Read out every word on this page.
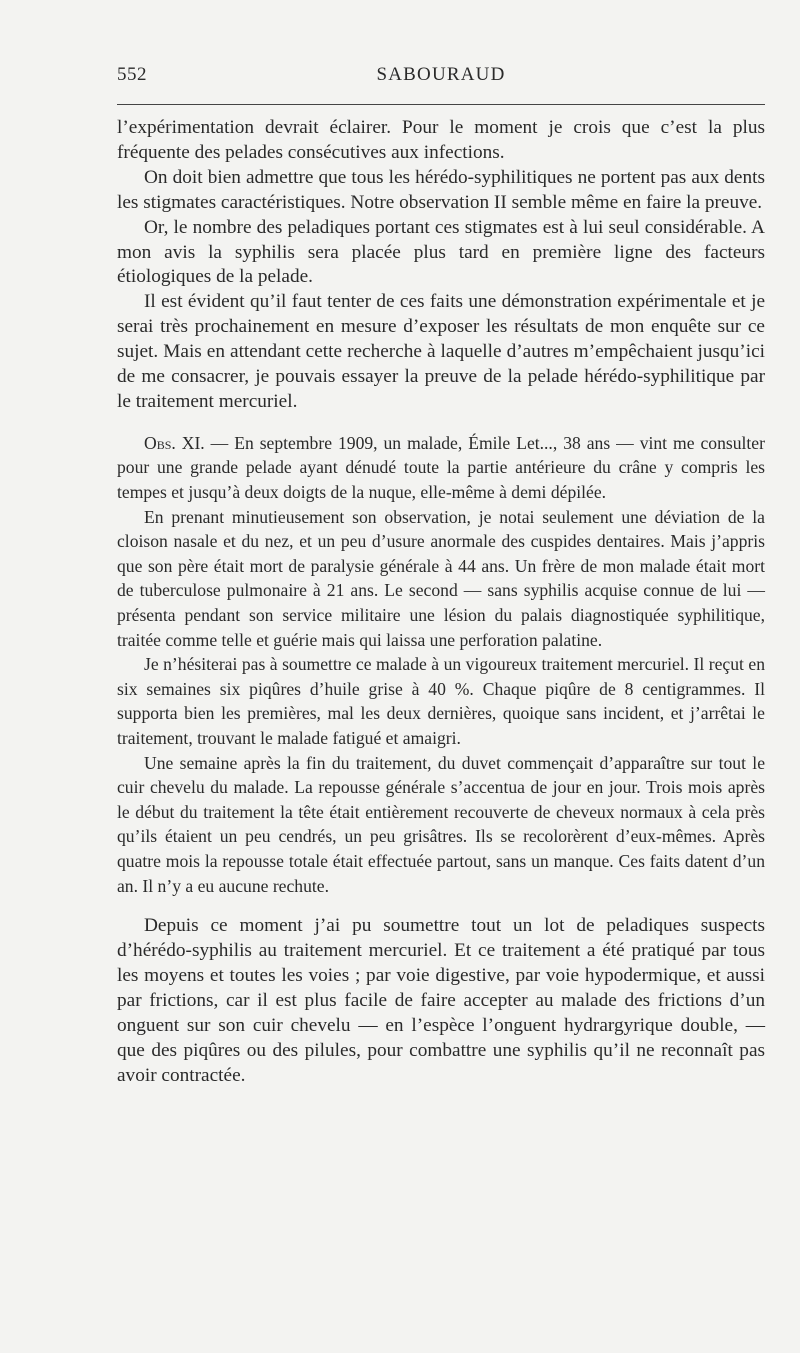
552	SABOURAUD

l’expérimentation devrait éclairer. Pour le moment je crois que c’est la plus fréquente des pelades consécutives aux infections.

On doit bien admettre que tous les hérédo-syphilitiques ne portent pas aux dents les stigmates caractéristiques. Notre observation II semble même en faire la preuve.

Or, le nombre des peladiques portant ces stigmates est à lui seul considérable. A mon avis la syphilis sera placée plus tard en première ligne des facteurs étiologiques de la pelade.

Il est évident qu’il faut tenter de ces faits une démonstration expérimentale et je serai très prochainement en mesure d’exposer les résultats de mon enquête sur ce sujet. Mais en attendant cette recherche à laquelle d’autres m’empêchaient jusqu’ici de me consacrer, je pouvais essayer la preuve de la pelade hérédo-syphilitique par le traitement mercuriel.

Obs. XI. — En septembre 1909, un malade, Émile Let..., 38 ans — vint me consulter pour une grande pelade ayant dénudé toute la partie antérieure du crâne y compris les tempes et jusqu’à deux doigts de la nuque, elle-même à demi dépilée.

En prenant minutieusement son observation, je notai seulement une déviation de la cloison nasale et du nez, et un peu d’usure anormale des cuspides dentaires. Mais j’appris que son père était mort de paralysie générale à 44 ans. Un frère de mon malade était mort de tuberculose pulmonaire à 21 ans. Le second — sans syphilis acquise connue de lui — présenta pendant son service militaire une lésion du palais diagnostiquée syphilitique, traitée comme telle et guérie mais qui laissa une perforation palatine.

Je n’hésiterai pas à soumettre ce malade à un vigoureux traitement mercuriel. Il reçut en six semaines six piqûres d’huile grise à 40 %. Chaque piqûre de 8 centigrammes. Il supporta bien les premières, mal les deux dernières, quoique sans incident, et j’arrêtai le traitement, trouvant le malade fatigué et amaigri.

Une semaine après la fin du traitement, du duvet commençait d’apparaître sur tout le cuir chevelu du malade. La repousse générale s’accentua de jour en jour. Trois mois après le début du traitement la tête était entièrement recouverte de cheveux normaux à cela près qu’ils étaient un peu cendrés, un peu grisâtres. Ils se recolorèrent d’eux-mêmes. Après quatre mois la repousse totale était effectuée partout, sans un manque. Ces faits datent d’un an. Il n’y a eu aucune rechute.

Depuis ce moment j’ai pu soumettre tout un lot de peladiques suspects d’hérédo-syphilis au traitement mercuriel. Et ce traitement a été pratiqué par tous les moyens et toutes les voies ; par voie digestive, par voie hypodermique, et aussi par frictions, car il est plus facile de faire accepter au malade des frictions d’un onguent sur son cuir chevelu — en l’espèce l’onguent hydrargyrique double, — que des piqûres ou des pilules, pour combattre une syphilis qu’il ne reconnaît pas avoir contractée.
